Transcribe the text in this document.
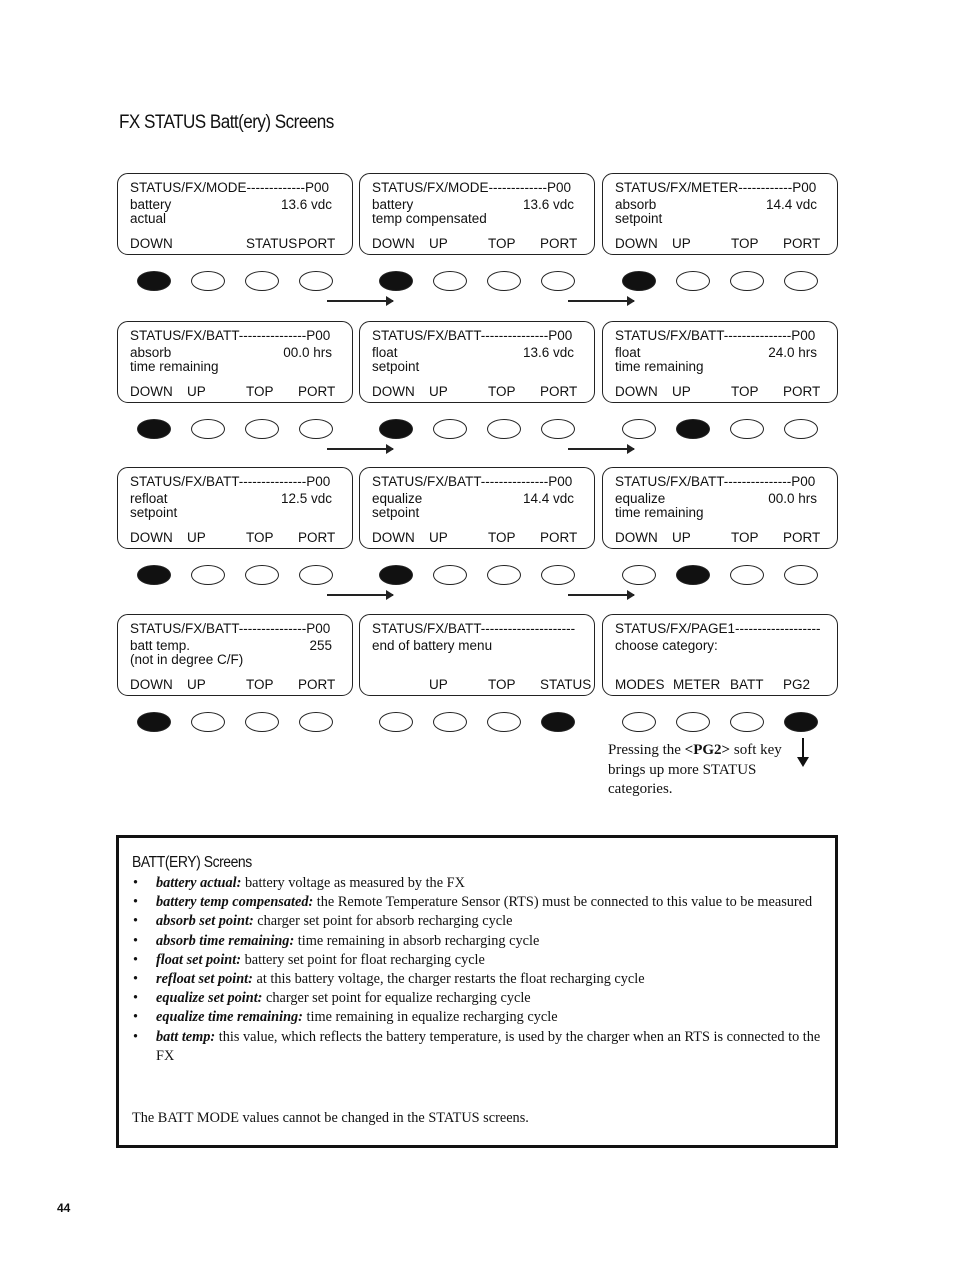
FX STATUS Batt(ery) Screens
STATUS/FX/MODE-------------P00
battery	13.6 vdc
actual
DOWN	STATUS PORT
STATUS/FX/MODE-------------P00
battery	13.6 vdc
temp compensated
DOWN UP	TOP PORT
STATUS/FX/METER------------P00
absorb	14.4 vdc
setpoint
DOWN UP	TOP PORT
STATUS/FX/BATT---------------P00
absorb	00.0 hrs
time remaining
DOWN UP	TOP PORT
STATUS/FX/BATT---------------P00
float	13.6 vdc
setpoint
DOWN UP	TOP PORT
STATUS/FX/BATT---------------P00
float	24.0 hrs
time remaining
DOWN UP	TOP PORT
STATUS/FX/BATT---------------P00
refloat	12.5 vdc
setpoint
DOWN UP	TOP PORT
STATUS/FX/BATT---------------P00
equalize	14.4 vdc
setpoint
DOWN UP	TOP PORT
STATUS/FX/BATT---------------P00
equalize	00.0 hrs
time remaining
DOWN UP	TOP PORT
STATUS/FX/BATT---------------P00
batt temp.	255
(not in degree C/F)
DOWN UP	TOP PORT
STATUS/FX/BATT---------------------
end of battery menu
UP	TOP STATUS
STATUS/FX/PAGE1-------------------
choose category:
MODES METER BATT PG2
Pressing the <PG2> soft key
brings up more STATUS
categories.
BATT(ERY) Screens
• battery actual: battery voltage as measured by the FX
• battery temp compensated: the Remote Temperature Sensor (RTS) must be connected to this value to be measured
• absorb set point: charger set point for absorb recharging cycle
• absorb time remaining: time remaining in absorb recharging cycle
• float set point: battery set point for float recharging cycle
• refloat set point: at this battery voltage, the charger restarts the float recharging cycle
• equalize set point: charger set point for equalize recharging cycle
• equalize time remaining: time remaining in equalize recharging cycle
• batt temp: this value, which reflects the battery temperature, is used by the charger when an RTS is connected to the FX
The BATT MODE values cannot be changed in the STATUS screens.
44
